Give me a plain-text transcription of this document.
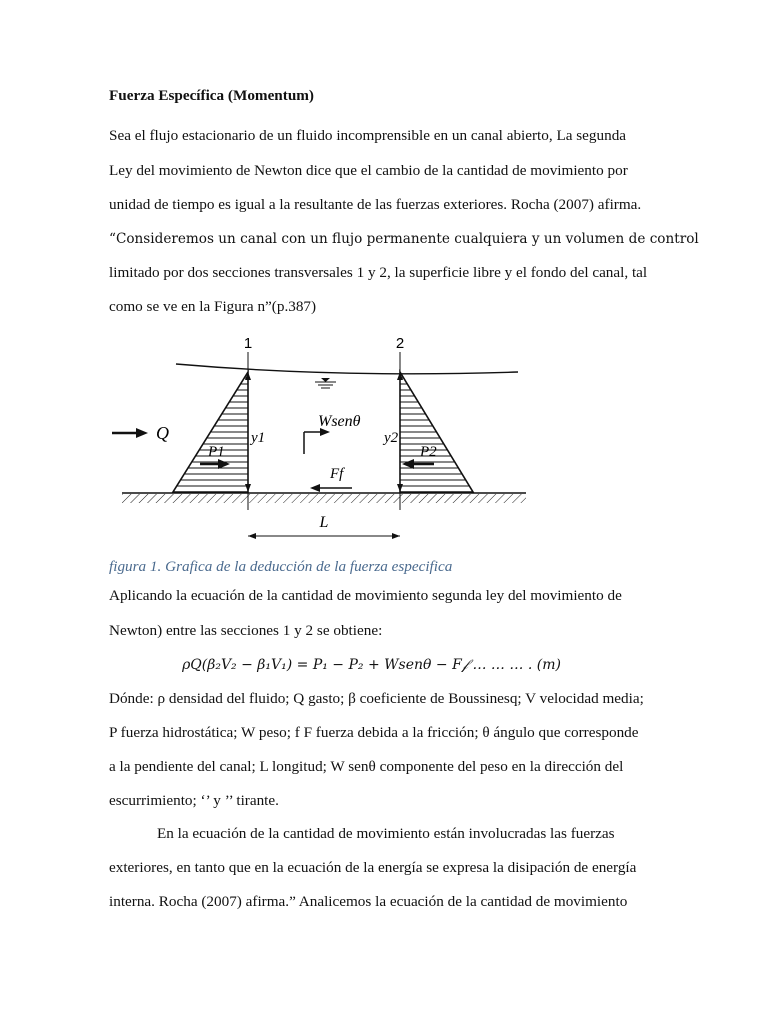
Fuerza Específica (Momentum)
Sea el flujo estacionario de un fluido incomprensible en un canal abierto, La segunda
Ley del movimiento de Newton dice que el cambio de la cantidad de movimiento por
unidad de tiempo es igual a la resultante de las fuerzas exteriores. Rocha (2007) afirma.
“Consideremos un canal con un flujo permanente cualquiera y un volumen de control
limitado por dos secciones transversales 1 y 2, la superficie libre y el fondo del canal, tal
como se ve en la Figura n”(p.387)
1	2
Q
Wsenθ
y1	y2
P1	P2
Ff
L
figura 1. Grafica de la deducción de la fuerza especifica
Aplicando la ecuación de la cantidad de movimiento segunda ley del movimiento de
Newton) entre las secciones 1 y 2 se obtiene:
ρQ(β₂V₂ − β₁V₁) = P₁ − P₂ + Wsenθ − F𝒻 … … … . (m)
Dónde: ρ densidad del fluido; Q gasto; β coeficiente de Boussinesq; V velocidad media;
P fuerza hidrostática; W peso; f F fuerza debida a la fricción; θ ángulo que corresponde
a la pendiente del canal; L longitud; W senθ componente del peso en la dirección del
escurrimiento; ‘’ y ’’ tirante.
En la ecuación de la cantidad de movimiento están involucradas las fuerzas
exteriores, en tanto que en la ecuación de la energía se expresa la disipación de energía
interna. Rocha (2007) afirma.” Analicemos la ecuación de la cantidad de movimiento
